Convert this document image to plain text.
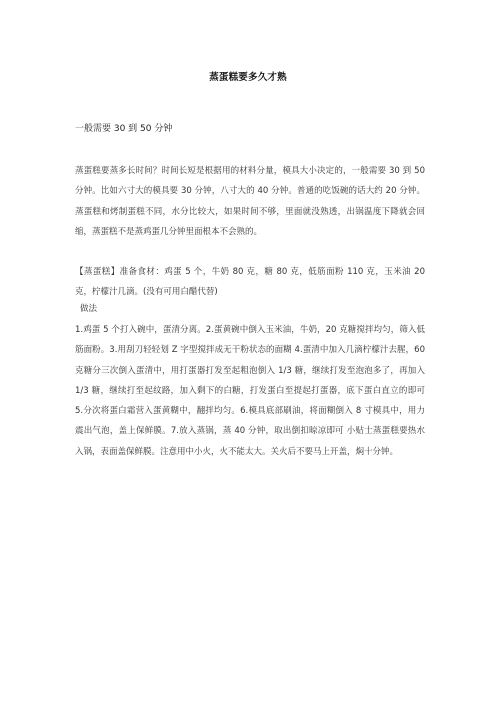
蒸蛋糕要多久才熟
一般需要 30 到 50 分钟
蒸蛋糕要蒸多长时间？时间长短是根据用的材料分量，模具大小决定的，一般需要 30 到 50 分钟。比如六寸大的模具要 30 分钟，八寸大的 40 分钟。普通的吃饭碗的话大约 20 分钟。蒸蛋糕和烤制蛋糕不同，水分比较大，如果时间不够，里面就没熟透，出锅温度下降就会回缩，蒸蛋糕不是蒸鸡蛋几分钟里面根本不会熟的。
【蒸蛋糕】准备食材：鸡蛋 5 个，牛奶 80 克，糖 80 克，低筋面粉 110 克，玉米油 20 克，柠檬汁几滴。(没有可用白醋代替)
做法
1.鸡蛋 5 个打入碗中，蛋清分离。2.蛋黄碗中倒入玉米油，牛奶，20 克糖搅拌均匀，筛入低筋面粉。3.用刮刀轻轻划 Z 字型搅拌成无干粉状态的面糊 4.蛋清中加入几滴柠檬汁去腥，60 克糖分三次倒入蛋清中，用打蛋器打发至起粗泡倒入 1/3 糖，继续打发至泡泡多了，再加入 1/3 糖，继续打至起纹路，加入剩下的白糖，打发蛋白至提起打蛋器，底下蛋白直立的即可 5.分次将蛋白霜营入蛋黄糊中，翻拌均匀。6.模具底部刷油，将面糊倒入 8 寸模具中，用力震出气泡，盖上保鲜膜。7.放入蒸锅，蒸 40 分钟，取出倒扣晾凉即可 小贴士蒸蛋糕要热水入锅，表面盖保鲜膜。注意用中小火，火不能太大。关火后不要马上开盖，焖十分钟。
